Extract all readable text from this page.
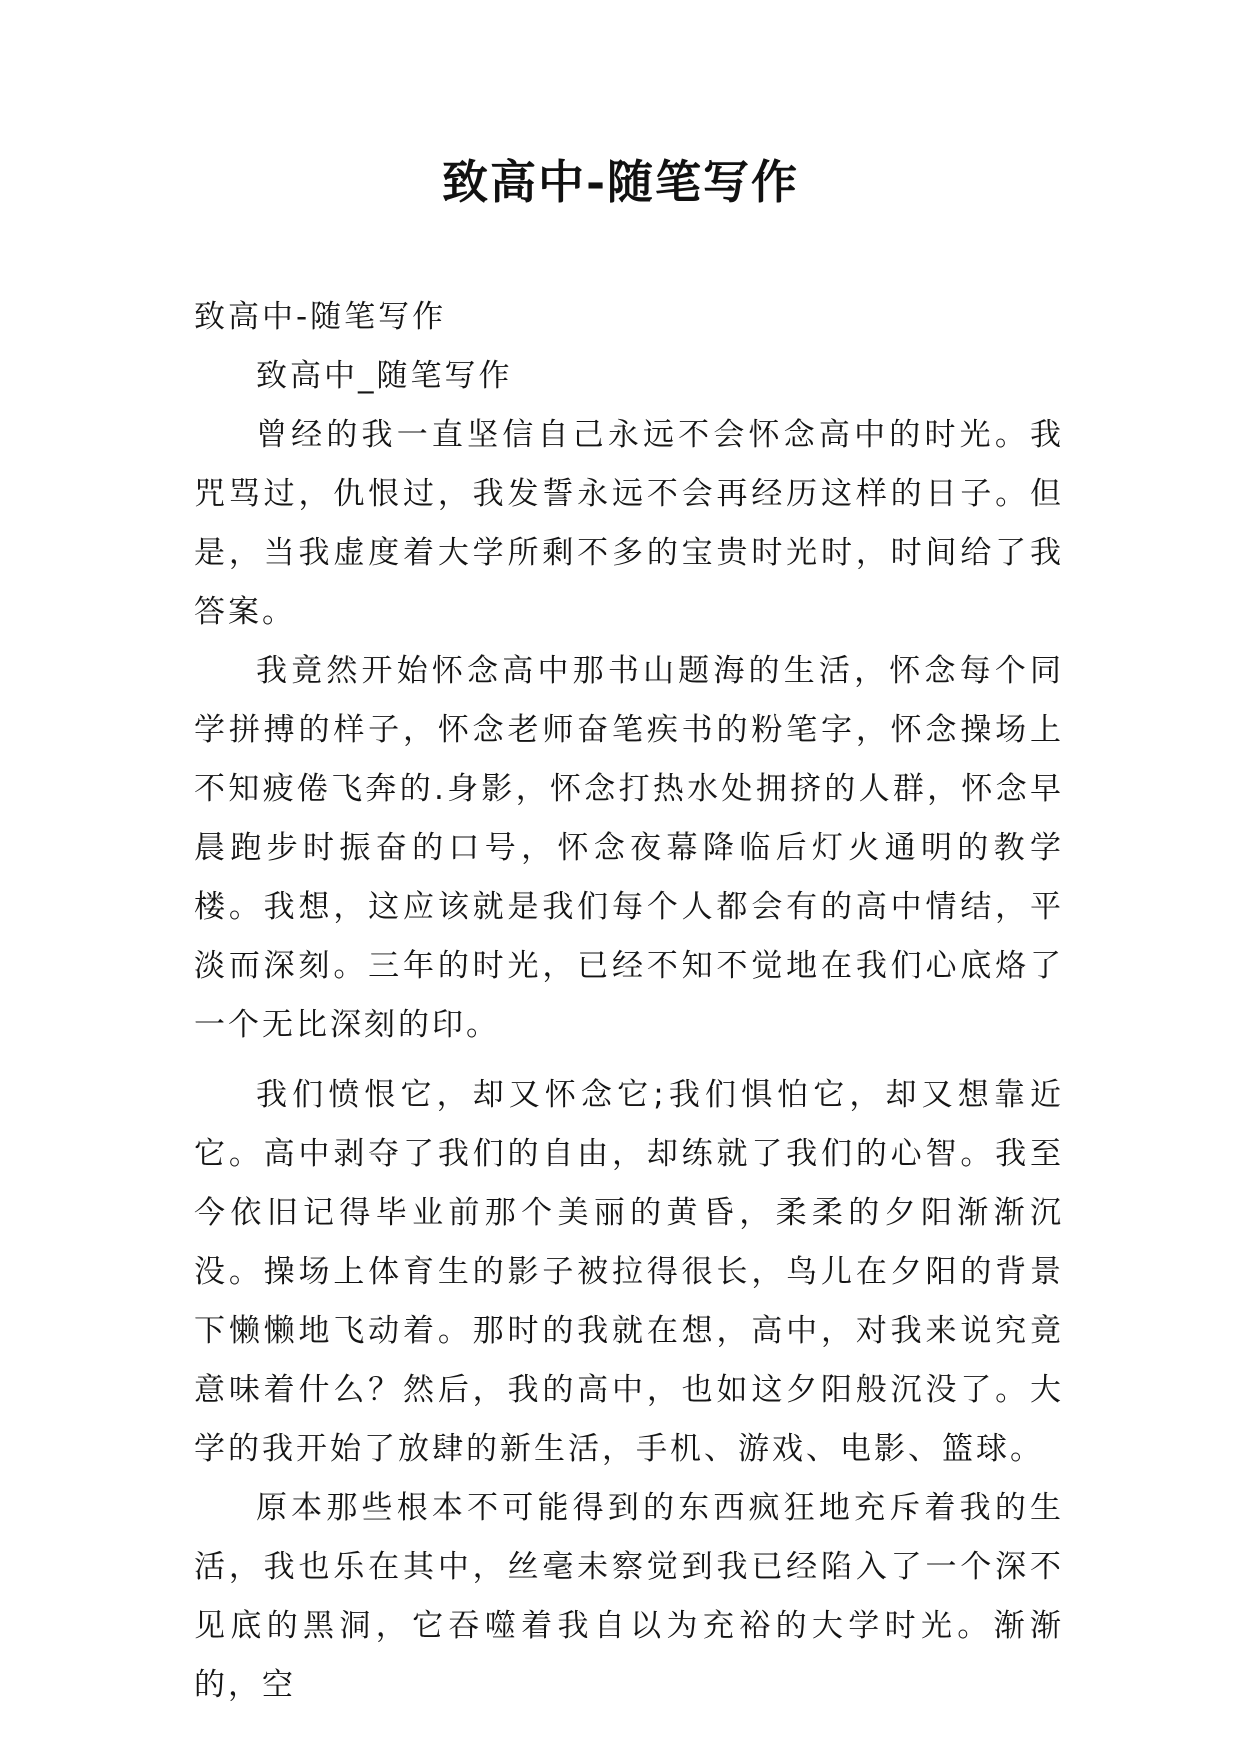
致高中-随笔写作

致高中-随笔写作

致高中_随笔写作

曾经的我一直坚信自己永远不会怀念高中的时光。我咒骂过，仇恨过，我发誓永远不会再经历这样的日子。但是，当我虚度着大学所剩不多的宝贵时光时，时间给了我答案。

我竟然开始怀念高中那书山题海的生活，怀念每个同学拼搏的样子，怀念老师奋笔疾书的粉笔字，怀念操场上不知疲倦飞奔的.身影，怀念打热水处拥挤的人群，怀念早晨跑步时振奋的口号，怀念夜幕降临后灯火通明的教学楼。我想，这应该就是我们每个人都会有的高中情结，平淡而深刻。三年的时光，已经不知不觉地在我们心底烙了一个无比深刻的印。

我们愤恨它，却又怀念它;我们惧怕它，却又想靠近它。高中剥夺了我们的自由，却练就了我们的心智。我至今依旧记得毕业前那个美丽的黄昏，柔柔的夕阳渐渐沉没。操场上体育生的影子被拉得很长，鸟儿在夕阳的背景下懒懒地飞动着。那时的我就在想，高中，对我来说究竟意味着什么？然后，我的高中，也如这夕阳般沉没了。大学的我开始了放肆的新生活，手机、游戏、电影、篮球。

原本那些根本不可能得到的东西疯狂地充斥着我的生活，我也乐在其中，丝毫未察觉到我已经陷入了一个深不见底的黑洞，它吞噬着我自以为充裕的大学时光。渐渐的，空
